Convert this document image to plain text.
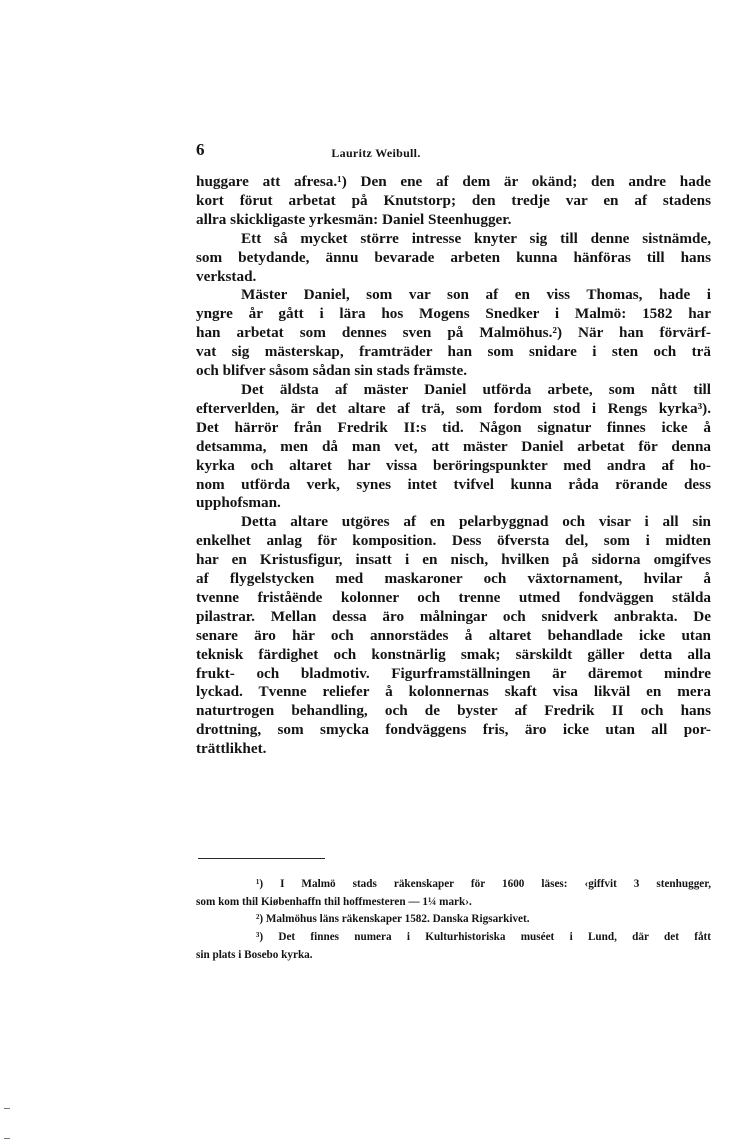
6	Lauritz Weibull.
huggare att afresa.¹) Den ene af dem är okänd; den andre hade
kort förut arbetat på Knutstorp; den tredje var en af stadens
allra skickligaste yrkesmän: Daniel Steenhugger.
Ett så mycket större intresse knyter sig till denne sistnämde,
som betydande, ännu bevarade arbeten kunna hänföras till hans
verkstad.
Mäster Daniel, som var son af en viss Thomas, hade i
yngre år gått i lära hos Mogens Snedker i Malmö: 1582 har
han arbetat som dennes sven på Malmöhus.²) När han förvärf-
vat sig mästerskap, framträder han som snidare i sten och trä
och blifver såsom sådan sin stads främste.
Det äldsta af mäster Daniel utförda arbete, som nått till
efterverlden, är det altare af trä, som fordom stod i Rengs kyrka³).
Det härrör från Fredrik II:s tid. Någon signatur finnes icke å
detsamma, men då man vet, att mäster Daniel arbetat för denna
kyrka och altaret har vissa beröringspunkter med andra af ho-
nom utförda verk, synes intet tvifvel kunna råda rörande dess
upphofsman.
Detta altare utgöres af en pelarbyggnad och visar i all sin
enkelhet anlag för komposition. Dess öfversta del, som i midten
har en Kristusfigur, insatt i en nisch, hvilken på sidorna omgifves
af flygelstycken med maskaroner och växtornament, hvilar å
tvenne friståënde kolonner och trenne utmed fondväggen stälda
pilastrar. Mellan dessa äro målningar och snidverk anbrakta. De
senare äro här och annorstädes å altaret behandlade icke utan
teknisk färdighet och konstnärlig smak; särskildt gäller detta alla
frukt- och bladmotiv. Figurframställningen är däremot mindre
lyckad. Tvenne reliefer å kolonnernas skaft visa likväl en mera
naturtrogen behandling, och de byster af Fredrik II och hans
drottning, som smycka fondväggens fris, äro icke utan all por-
trättlikhet.
¹) I Malmö stads räkenskaper för 1600 läses: ‹giffvit 3 stenhugger,
som kom thil Kiøbenhaffn thil hoffmesteren — 1¼ mark›.
²) Malmöhus läns räkenskaper 1582. Danska Rigsarkivet.
³) Det finnes numera i Kulturhistoriska muséet i Lund, där det fått
sin plats i Bosebo kyrka.
